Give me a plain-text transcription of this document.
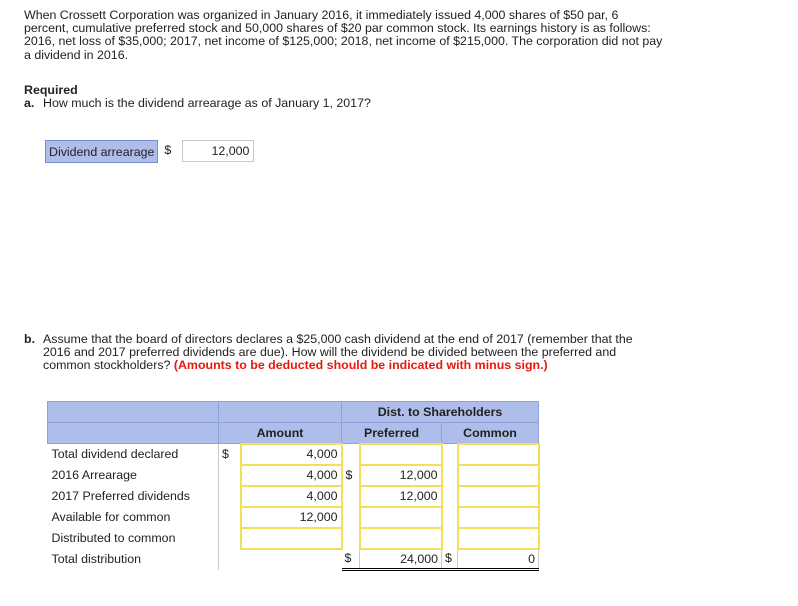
When Crossett Corporation was organized in January 2016, it immediately issued 4,000 shares of $50 par, 6 percent, cumulative preferred stock and 50,000 shares of $20 par common stock. Its earnings history is as follows: 2016, net loss of $35,000; 2017, net income of $125,000; 2018, net income of $215,000. The corporation did not pay a dividend in 2016.
Required
a. How much is the dividend arrearage as of January 1, 2017?
Dividend arrearage $	12,000
b. Assume that the board of directors declares a $25,000 cash dividend at the end of 2017 (remember that the 2016 and 2017 preferred dividends are due). How will the dividend be divided between the preferred and common stockholders? (Amounts to be deducted should be indicated with minus sign.)
			Dist. to Shareholders			
	Amount		Preferred		Common	
Total dividend declared	$	4,000				
2016 Arrearage		4,000	$	12,000		
2017 Preferred dividends		4,000		12,000		
Available for common		12,000				
Distributed to common						
Total distribution			$	24,000	$	0
